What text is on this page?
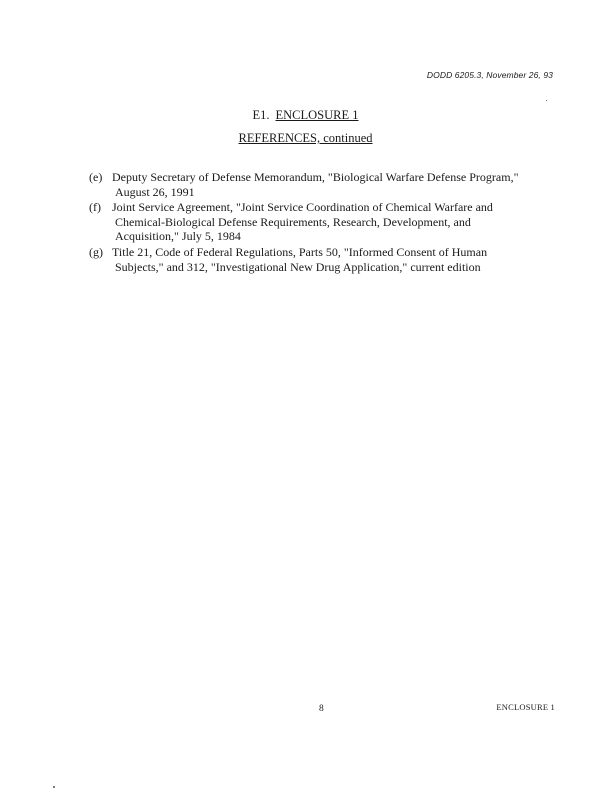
DODD 6205.3, November 26, 93
E1. ENCLOSURE 1
REFERENCES, continued
(e) Deputy Secretary of Defense Memorandum, "Biological Warfare Defense Program," August 26, 1991
(f) Joint Service Agreement, "Joint Service Coordination of Chemical Warfare and Chemical-Biological Defense Requirements, Research, Development, and Acquisition," July 5, 1984
(g) Title 21, Code of Federal Regulations, Parts 50, "Informed Consent of Human Subjects," and 312, "Investigational New Drug Application," current edition
8	ENCLOSURE 1
